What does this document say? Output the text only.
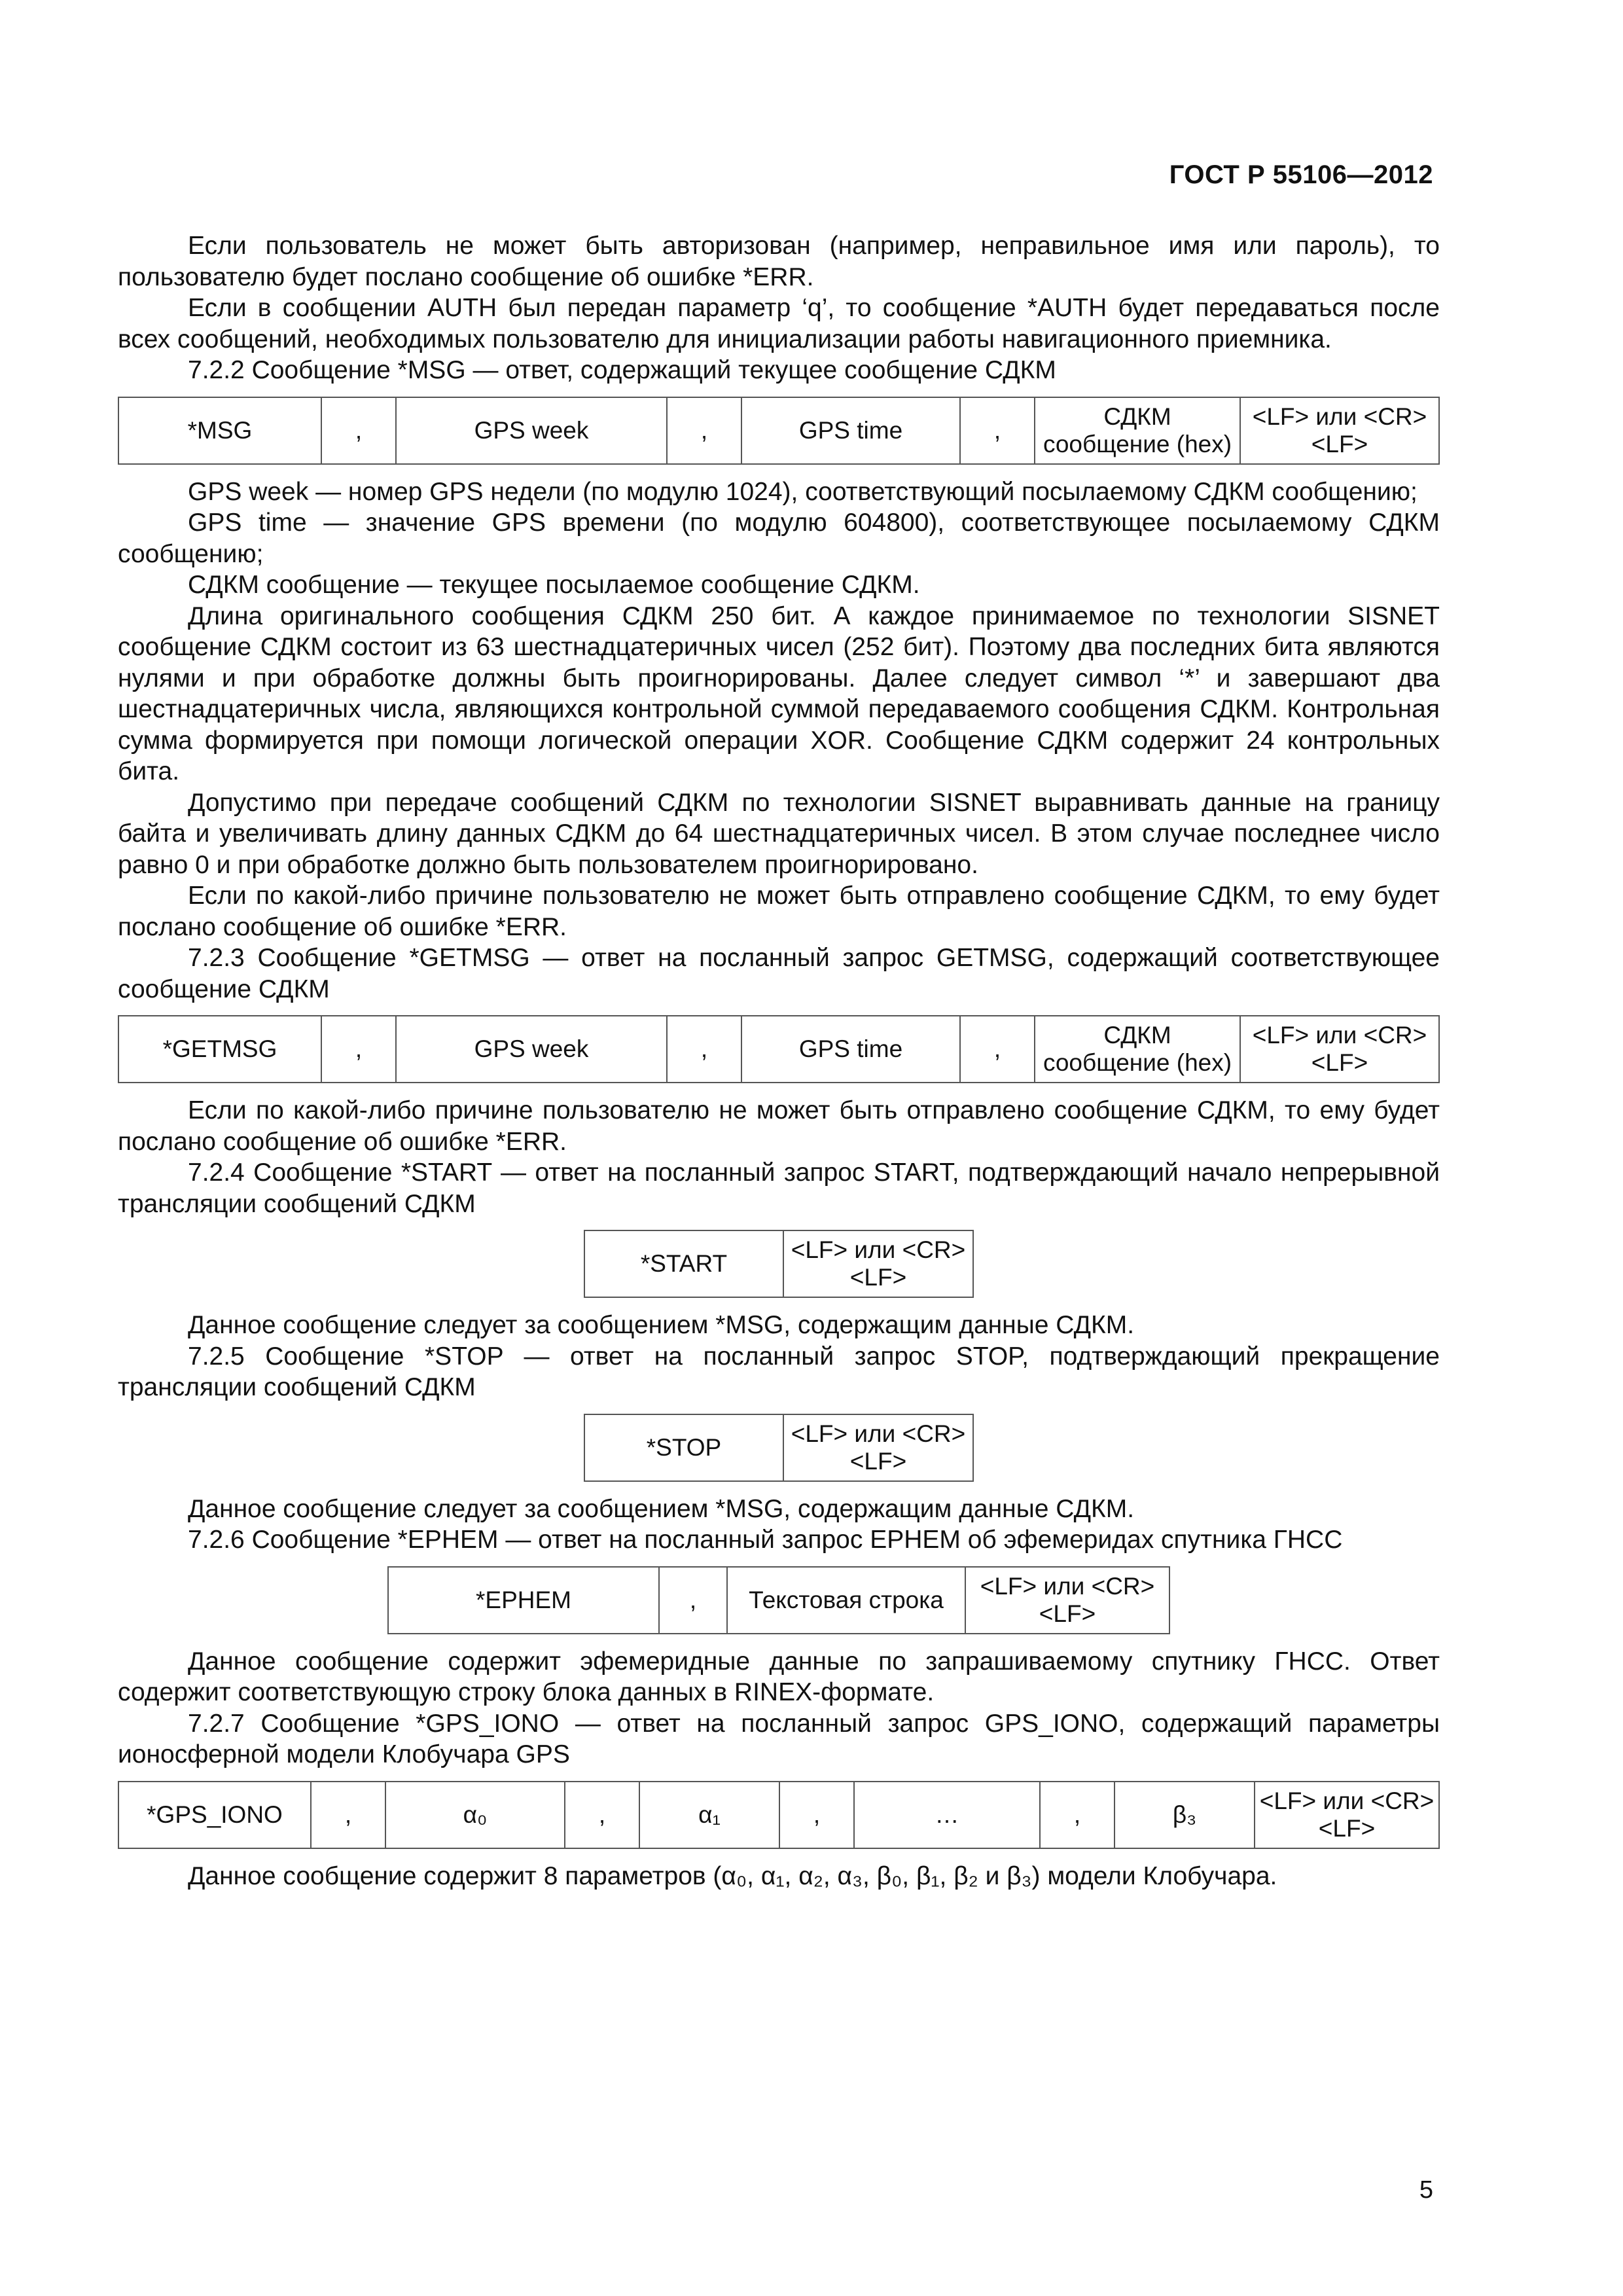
ГОСТ Р 55106—2012

Если пользователь не может быть авторизован (например, неправильное имя или пароль), то пользователю будет послано сообщение об ошибке *ERR.

Если в сообщении AUTH был передан параметр ‘q’, то сообщение *AUTH будет передаваться после всех сообщений, необходимых пользователю для инициализации работы навигационного приемника.

7.2.2 Сообщение *MSG — ответ, содержащий текущее сообщение СДКМ

*MSG	,	GPS week	,	GPS time	,	СДКМ сообщение (hex)	<LF> или <CR> <LF>

GPS week — номер GPS недели (по модулю 1024), соответствующий посылаемому СДКМ сообщению;

GPS time — значение GPS времени (по модулю 604800), соответствующее посылаемому СДКМ сообщению;

СДКМ сообщение — текущее посылаемое сообщение СДКМ.

Длина оригинального сообщения СДКМ 250 бит. А каждое принимаемое по технологии SISNET сообщение СДКМ состоит из 63 шестнадцатеричных чисел (252 бит). Поэтому два последних бита являются нулями и при обработке должны быть проигнорированы. Далее следует символ ‘*’ и завершают два шестнадцатеричных числа, являющихся контрольной суммой передаваемого сообщения СДКМ. Контрольная сумма формируется при помощи логической операции XOR. Сообщение СДКМ содержит 24 контрольных бита.

Допустимо при передаче сообщений СДКМ по технологии SISNET выравнивать данные на границу байта и увеличивать длину данных СДКМ до 64 шестнадцатеричных чисел. В этом случае последнее число равно 0 и при обработке должно быть пользователем проигнорировано.

Если по какой-либо причине пользователю не может быть отправлено сообщение СДКМ, то ему будет послано сообщение об ошибке *ERR.

7.2.3 Сообщение *GETMSG — ответ на посланный запрос GETMSG, содержащий соответствующее сообщение СДКМ

*GETMSG	,	GPS week	,	GPS time	,	СДКМ сообщение (hex)	<LF> или <CR> <LF>

Если по какой-либо причине пользователю не может быть отправлено сообщение СДКМ, то ему будет послано сообщение об ошибке *ERR.

7.2.4 Сообщение *START — ответ на посланный запрос START, подтверждающий начало непрерывной трансляции сообщений СДКМ

*START	<LF> или <CR> <LF>

Данное сообщение следует за сообщением *MSG, содержащим данные СДКМ.

7.2.5 Сообщение *STOP — ответ на посланный запрос STOP, подтверждающий прекращение трансляции сообщений СДКМ

*STOP	<LF> или <CR> <LF>

Данное сообщение следует за сообщением *MSG, содержащим данные СДКМ.

7.2.6 Сообщение *EPHEM — ответ на посланный запрос EPHEM об эфемеридах спутника ГНСС

*EPHEM	,	Текстовая строка	<LF> или <CR> <LF>

Данное сообщение содержит эфемеридные данные по запрашиваемому спутнику ГНСС. Ответ содержит соответствующую строку блока данных в RINEX-формате.

7.2.7 Сообщение *GPS_IONO — ответ на посланный запрос GPS_IONO, содержащий параметры ионосферной модели Клобучара GPS

*GPS_IONO	,	α₀	,	α₁	,	…	,	β₃	<LF> или <CR> <LF>

Данное сообщение содержит 8 параметров (α₀, α₁, α₂, α₃, β₀, β₁, β₂ и β₃) модели Клобучара.

5
